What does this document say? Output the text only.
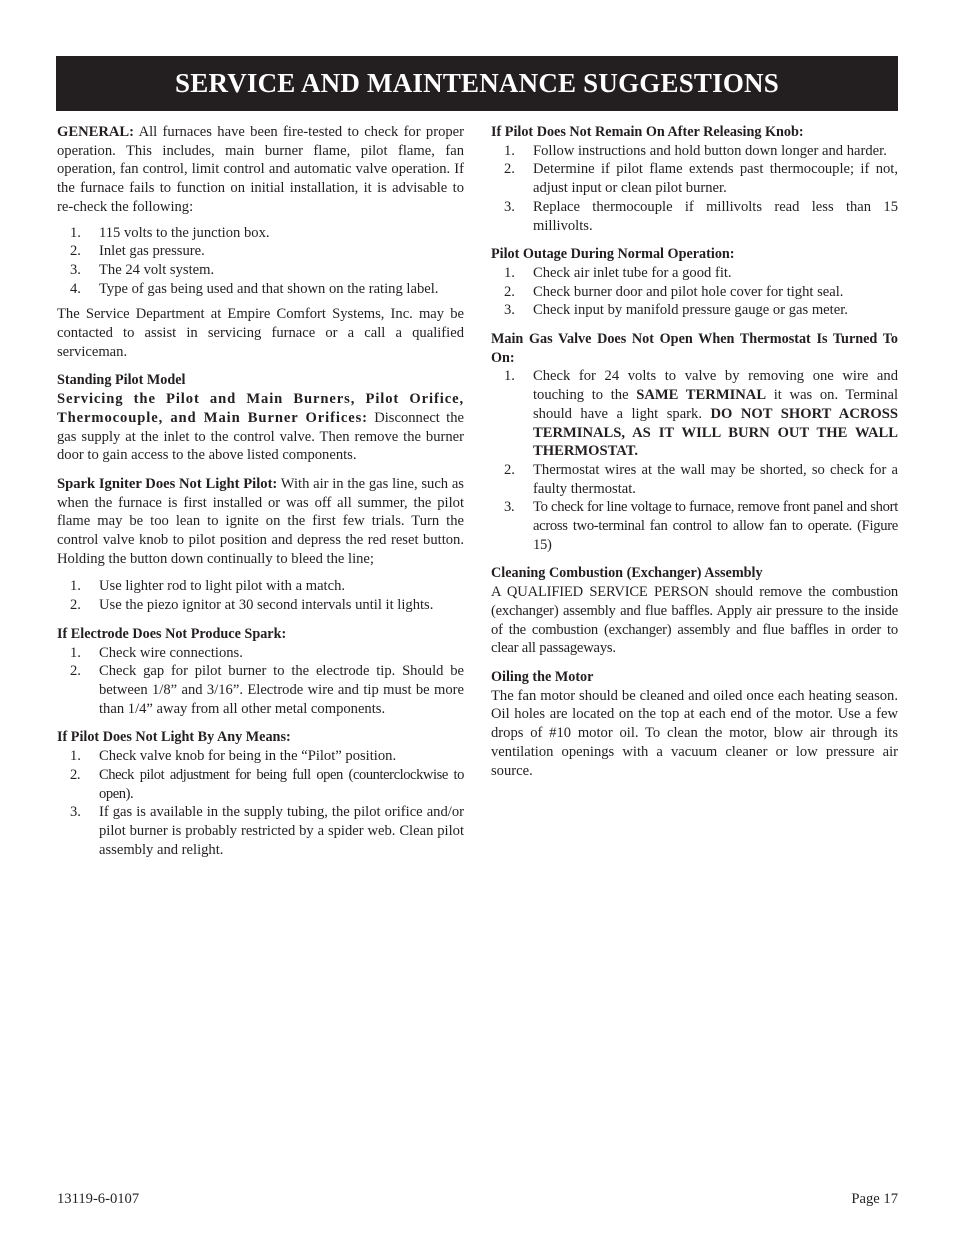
SERVICE AND MAINTENANCE SUGGESTIONS

GENERAL: All furnaces have been fire-tested to check for proper operation. This includes, main burner flame, pilot flame, fan operation, fan control, limit control and automatic valve operation. If the furnace fails to function on initial installation, it is advisable to re-check the following:

1.	115 volts to the junction box.
2.	Inlet gas pressure.
3.	The 24 volt system.
4.	Type of gas being used and that shown on the rating label.

The Service Department at Empire Comfort Systems, Inc. may be contacted to assist in servicing furnace or a call a qualified serviceman.

Standing Pilot Model

Servicing the Pilot and Main Burners, Pilot Orifice, Thermocouple, and Main Burner Orifices: Disconnect the gas supply at the inlet to the control valve. Then remove the burner door to gain access to the above listed components.

Spark Igniter Does Not Light Pilot: With air in the gas line, such as when the furnace is first installed or was off all summer, the pilot flame may be too lean to ignite on the first few trials. Turn the control valve knob to pilot position and depress the red reset button. Holding the button down continually to bleed the line;

1.	Use lighter rod to light pilot with a match.
2.	Use the piezo ignitor at 30 second intervals until it lights.

If Electrode Does Not Produce Spark:

1.	Check wire connections.
2.	Check gap for pilot burner to the electrode tip. Should be between 1/8” and 3/16”. Electrode wire and tip must be more than 1/4” away from all other metal components.

If Pilot Does Not Light By Any Means:

1.	Check valve knob for being in the “Pilot” position.
2.	Check pilot adjustment for being full open (counterclockwise to open).
3.	If gas is available in the supply tubing, the pilot orifice and/or pilot burner is probably restricted by a spider web. Clean pilot assembly and relight.

If Pilot Does Not Remain On After Releasing Knob:

1.	Follow instructions and hold button down longer and harder.
2.	Determine if pilot flame extends past thermocouple; if not, adjust input or clean pilot burner.
3.	Replace thermocouple if millivolts read less than 15 millivolts.

Pilot Outage During Normal Operation:

1.	Check air inlet tube for a good fit.
2.	Check burner door and pilot hole cover for tight seal.
3.	Check input by manifold pressure gauge or gas meter.

Main Gas Valve Does Not Open When Thermostat Is Turned To On:

1.	Check for 24 volts to valve by removing one wire and touching to the SAME TERMINAL it was on. Terminal should have a light spark. DO NOT SHORT ACROSS TERMINALS, AS IT WILL BURN OUT THE WALL THERMOSTAT.
2.	Thermostat wires at the wall may be shorted, so check for a faulty thermostat.
3.	To check for line voltage to furnace, remove front panel and short across two-terminal fan control to allow fan to operate. (Figure 15)

Cleaning Combustion (Exchanger) Assembly

A QUALIFIED SERVICE PERSON should remove the combustion (exchanger) assembly and flue baffles. Apply air pressure to the inside of the combustion (exchanger) assembly and flue baffles in order to clear all passageways.

Oiling the Motor

The fan motor should be cleaned and oiled once each heating season. Oil holes are located on the top at each end of the motor. Use a few drops of #10 motor oil. To clean the motor, blow air through its ventilation openings with a vacuum cleaner or low pressure air source.

13119-6-0107	Page 17
